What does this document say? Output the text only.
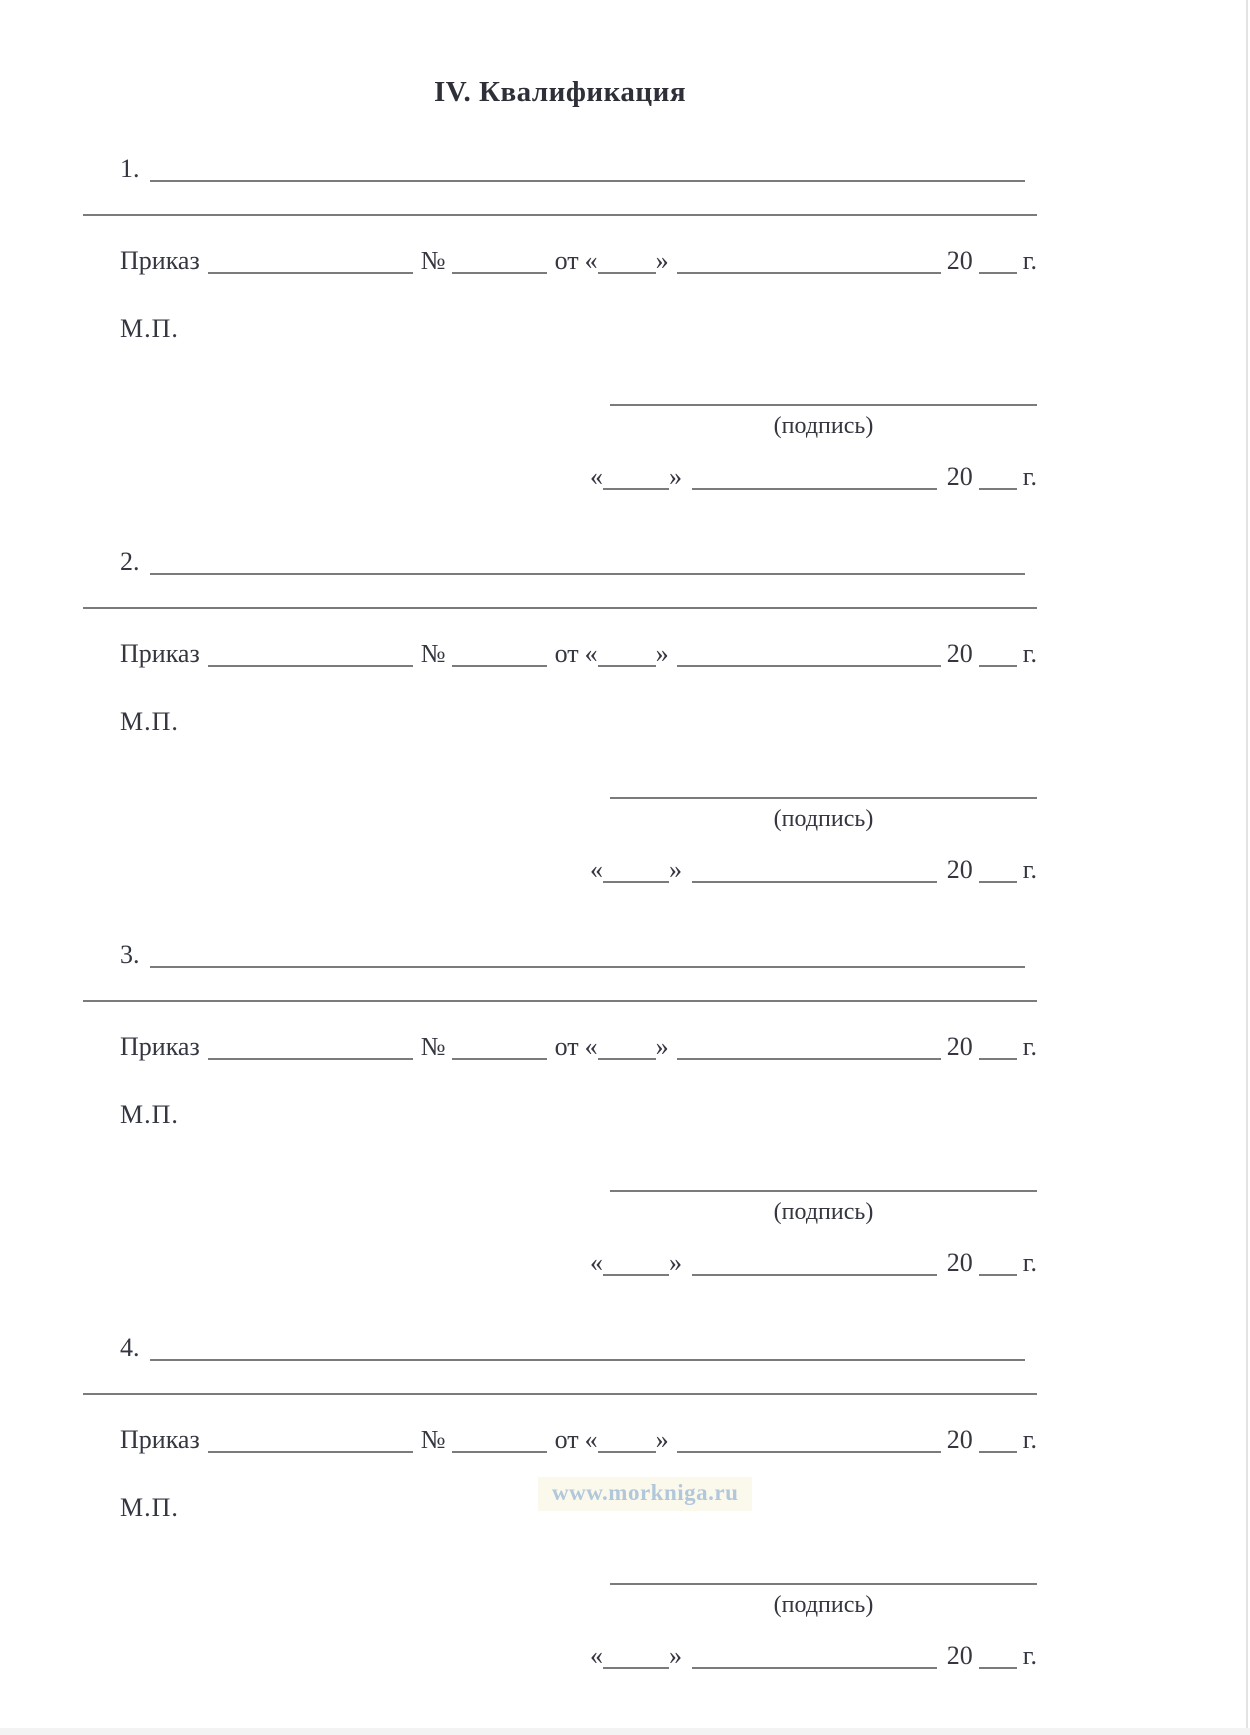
IV. Квалификация
1.
Приказ	№	от « »	20 г.
М.П.
(подпись)
«	»	20 г.
2.
Приказ	№	от « »	20 г.
М.П.
(подпись)
«	»	20 г.
3.
Приказ	№	от « »	20 г.
М.П.
(подпись)
«	»	20 г.
4.
Приказ	№	от « »	20 г.
М.П.
www.morkniga.ru
(подпись)
«	»	20 г.
